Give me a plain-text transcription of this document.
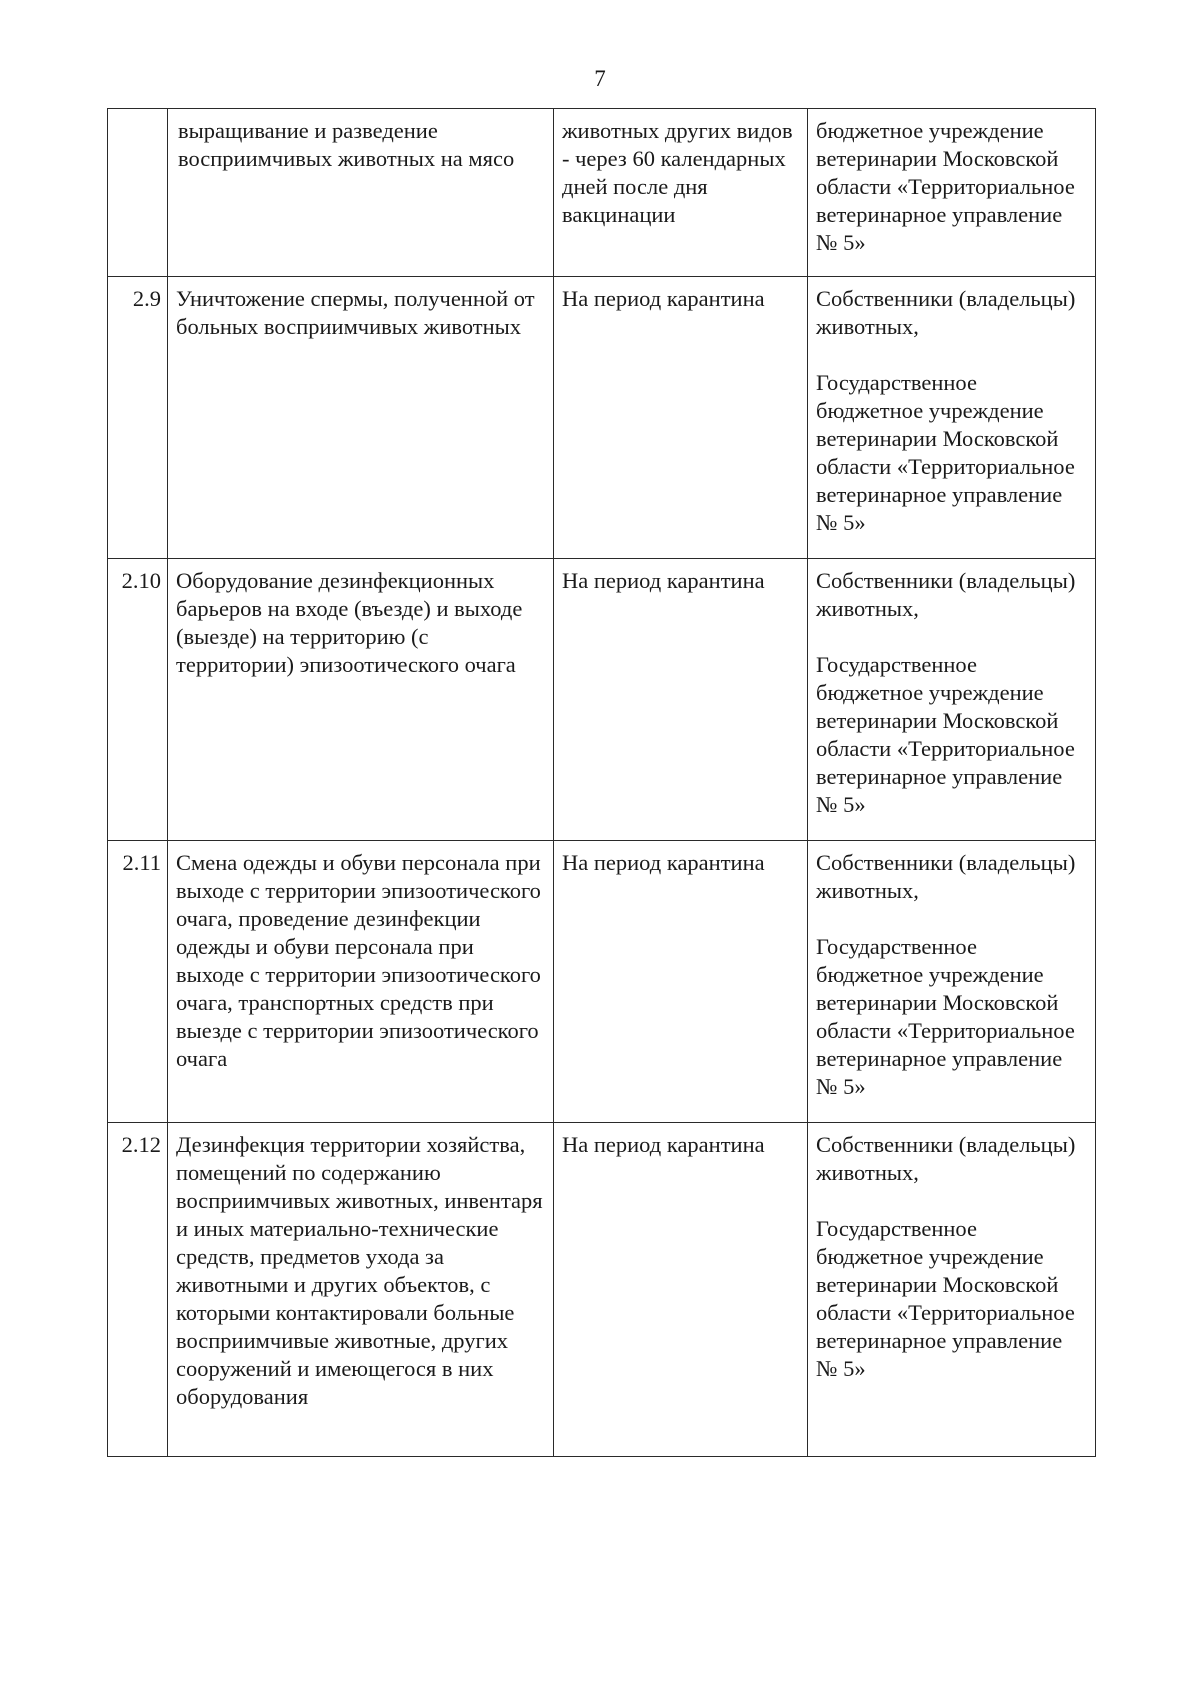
7
	выращивание и разведение восприимчивых животных на мясо	животных других видов - через 60 календарных дней после дня вакцинации	бюджетное учреждение ветеринарии Московской области «Территориальное ветеринарное управление № 5»

2.9	Уничтожение спермы, полученной от больных восприимчивых животных	На период карантина	Собственники (владельцы) животных,
Государственное бюджетное учреждение ветеринарии Московской области «Территориальное ветеринарное управление № 5»

2.10	Оборудование дезинфекционных барьеров на входе (въезде) и выходе (выезде) на территорию (с территории) эпизоотического очага	На период карантина	Собственники (владельцы) животных,
Государственное бюджетное учреждение ветеринарии Московской области «Территориальное ветеринарное управление № 5»

2.11	Смена одежды и обуви персонала при выходе с территории эпизоотического очага, проведение дезинфекции одежды и обуви персонала при выходе с территории эпизоотического очага, транспортных средств при выезде с территории эпизоотического очага	На период карантина	Собственники (владельцы) животных,
Государственное бюджетное учреждение ветеринарии Московской области «Территориальное ветеринарное управление № 5»

2.12	Дезинфекция территории хозяйства, помещений по содержанию восприимчивых животных, инвентаря и иных материально-технические средств, предметов ухода за животными и других объектов, с которыми контактировали больные восприимчивые животные, других сооружений и имеющегося в них оборудования	На период карантина	Собственники (владельцы) животных,
Государственное бюджетное учреждение ветеринарии Московской области «Территориальное ветеринарное управление № 5»
